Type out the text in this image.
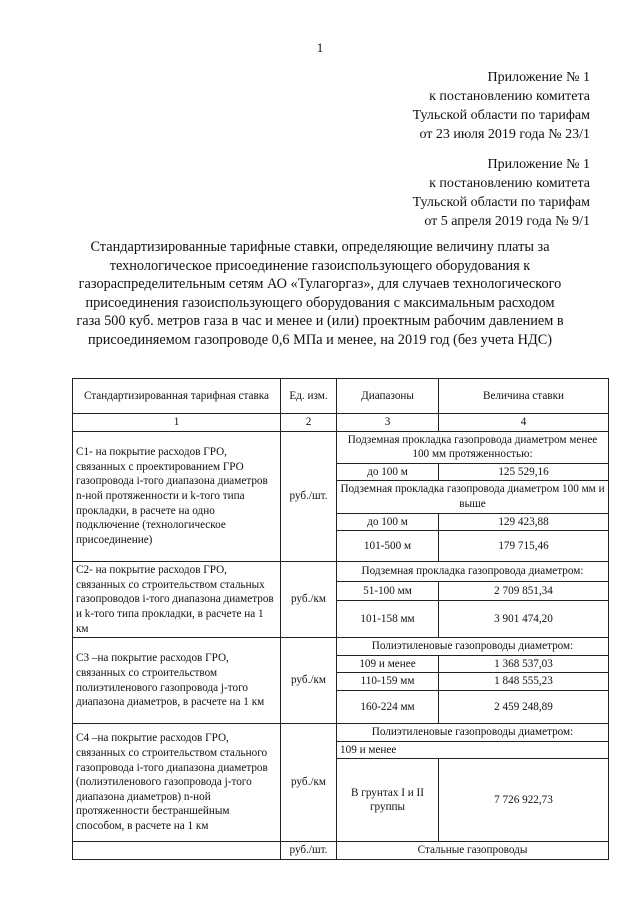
1
Приложение № 1
к постановлению комитета
Тульской области по тарифам
от 23 июля 2019 года № 23/1
Приложение № 1
к постановлению комитета
Тульской области по тарифам
от 5 апреля 2019 года № 9/1
Стандартизированные тарифные ставки, определяющие величину платы за технологическое присоединение газоиспользующего оборудования к газораспределительным сетям АО «Тулагоргаз», для случаев технологического присоединения газоиспользующего оборудования с максимальным расходом газа 500 куб. метров газа в час и менее и (или) проектным рабочим давлением в присоединяемом газопроводе 0,6 МПа и менее, на 2019 год (без учета НДС)
Стандартизированная тарифная ставка	Ед. изм.	Диапазоны	Величина ставки
1	2	3	4
С1- на покрытие расходов ГРО, связанных с проектированием ГРО газопровода i-того диапазона диаметров n-ной протяженности и k-того типа прокладки, в расчете на одно подключение (технологическое присоединение)	руб./шт.	Подземная прокладка газопровода диаметром менее 100 мм протяженностью:	
		до 100 м	125 529,16
		Подземная прокладка газопровода диаметром 100 мм и выше	
		до 100 м	129 423,88
		101-500 м	179 715,46
С2- на покрытие расходов ГРО, связанных со строительством стальных газопроводов i-того диапазона диаметров и k-того типа прокладки, в расчете на 1 км	руб./км	Подземная прокладка газопровода диаметром:	
		51-100 мм	2 709 851,34
		101-158 мм	3 901 474,20
С3 –на покрытие расходов ГРО, связанных со строительством полиэтиленового газопровода j-того диапазона диаметров, в расчете на 1 км	руб./км	Полиэтиленовые газопроводы диаметром:	
		109 и менее	1 368 537,03
		110-159 мм	1 848 555,23
		160-224 мм	2 459 248,89
С4 –на покрытие расходов ГРО, связанных со строительством стального газопровода i-того диапазона диаметров (полиэтиленового газопровода j-того диапазона диаметров) n-ной протяженности бестраншейным способом, в расчете на 1 км	руб./км	Полиэтиленовые газопроводы диаметром:	
		109 и менее	
		В грунтах I и II группы	7 726 922,73
	руб./шт.	Стальные газопроводы	
